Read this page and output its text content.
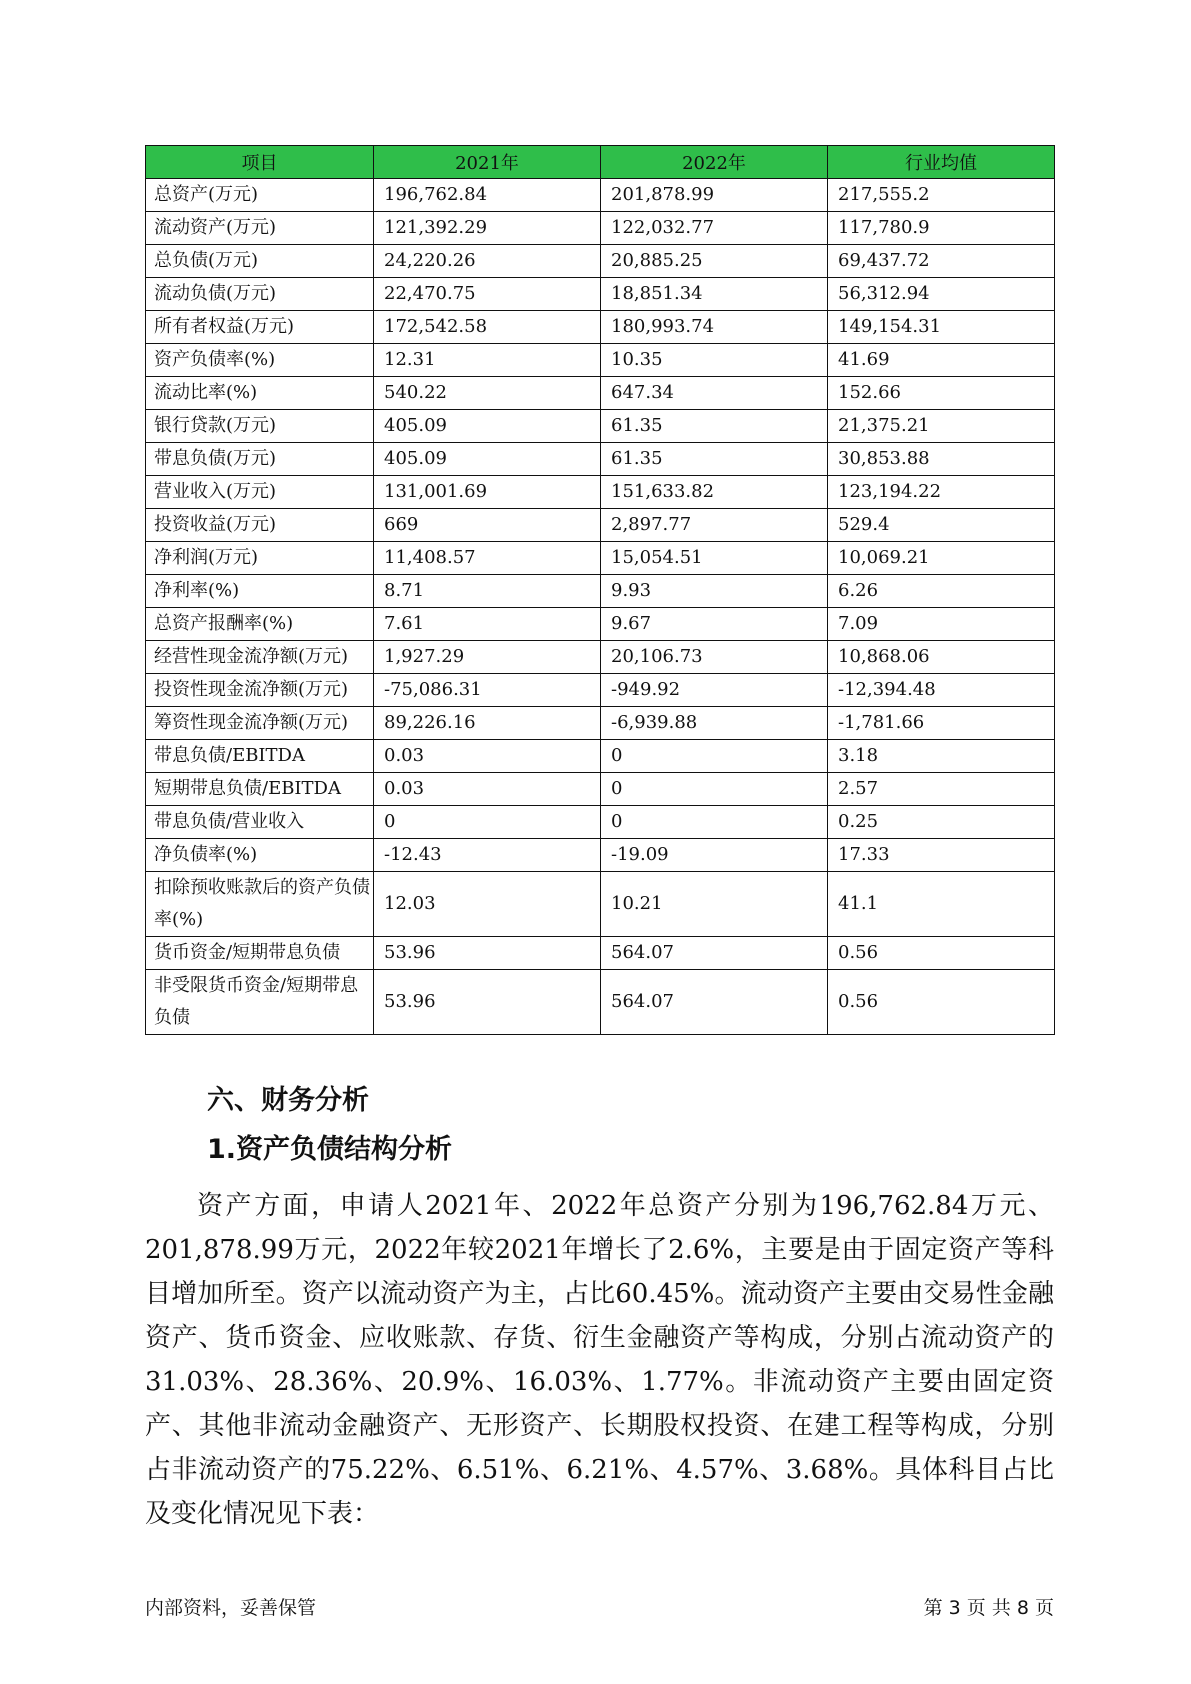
项目	2021年	2022年	行业均值
总资产(万元)	196,762.84	201,878.99	217,555.2
流动资产(万元)	121,392.29	122,032.77	117,780.9
总负债(万元)	24,220.26	20,885.25	69,437.72
流动负债(万元)	22,470.75	18,851.34	56,312.94
所有者权益(万元)	172,542.58	180,993.74	149,154.31
资产负债率(%)	12.31	10.35	41.69
流动比率(%)	540.22	647.34	152.66
银行贷款(万元)	405.09	61.35	21,375.21
带息负债(万元)	405.09	61.35	30,853.88
营业收入(万元)	131,001.69	151,633.82	123,194.22
投资收益(万元)	669	2,897.77	529.4
净利润(万元)	11,408.57	15,054.51	10,069.21
净利率(%)	8.71	9.93	6.26
总资产报酬率(%)	7.61	9.67	7.09
经营性现金流净额(万元)	1,927.29	20,106.73	10,868.06
投资性现金流净额(万元)	-75,086.31	-949.92	-12,394.48
筹资性现金流净额(万元)	89,226.16	-6,939.88	-1,781.66
带息负债/EBITDA	0.03	0	3.18
短期带息负债/EBITDA	0.03	0	2.57
带息负债/营业收入	0	0	0.25
净负债率(%)	-12.43	-19.09	17.33
扣除预收账款后的资产负债率(%)	12.03	10.21	41.1
货币资金/短期带息负债	53.96	564.07	0.56
非受限货币资金/短期带息负债	53.96	564.07	0.56
六、财务分析
1.资产负债结构分析

资产方面，申请人2021年、2022年总资产分别为196,762.84万元、201,878.99万元，2022年较2021年增长了2.6%，主要是由于固定资产等科目增加所至。资产以流动资产为主，占比60.45%。流动资产主要由交易性金融资产、货币资金、应收账款、存货、衍生金融资产等构成，分别占流动资产的31.03%、28.36%、20.9%、16.03%、1.77%。非流动资产主要由固定资产、其他非流动金融资产、无形资产、长期股权投资、在建工程等构成，分别占非流动资产的75.22%、6.51%、6.21%、4.57%、3.68%。具体科目占比及变化情况见下表：

内部资料，妥善保管	第 3 页 共 8 页
